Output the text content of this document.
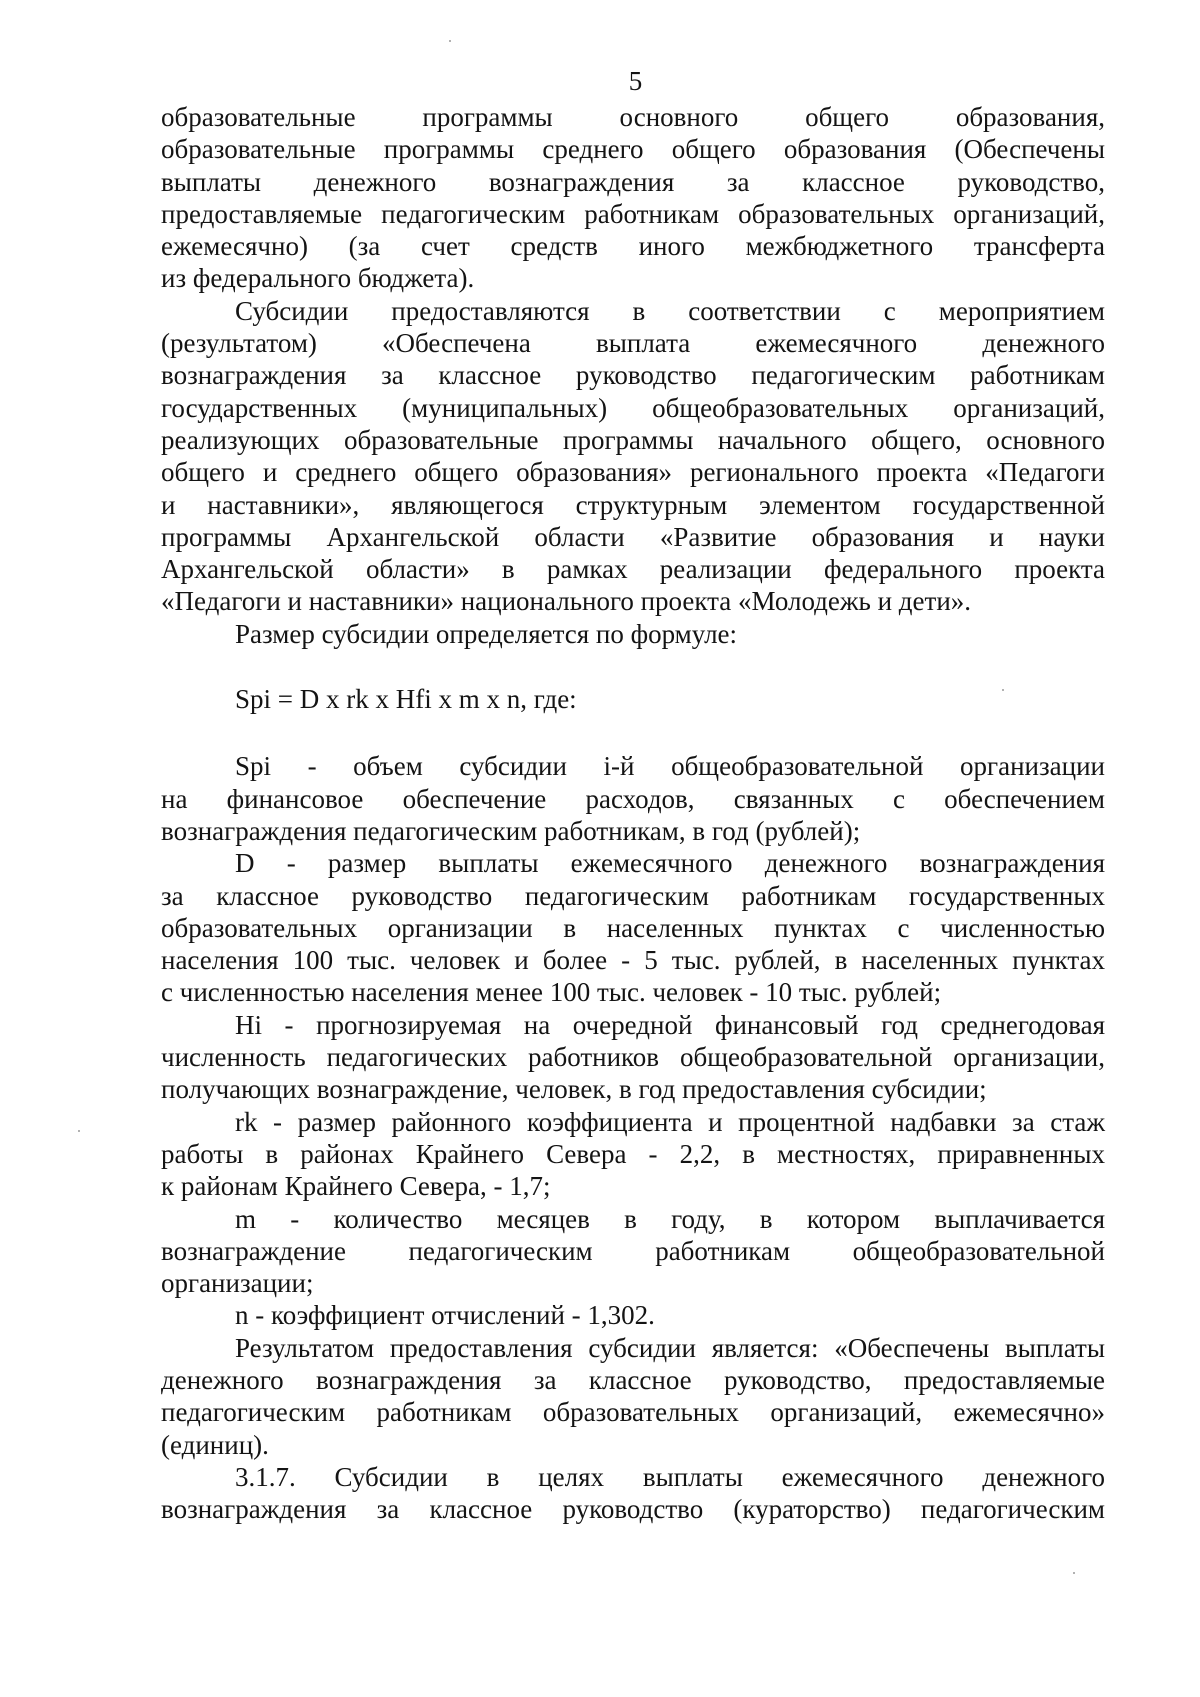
5

образовательные программы основного общего образования,

образовательные программы среднего общего образования (Обеспечены

выплаты денежного вознаграждения за классное руководство,

предоставляемые педагогическим работникам образовательных организаций,

ежемесячно) (за счет средств иного межбюджетного трансферта

из федерального бюджета).

Субсидии предоставляются в соответствии с мероприятием

(результатом) «Обеспечена выплата ежемесячного денежного

вознаграждения за классное руководство педагогическим работникам

государственных (муниципальных) общеобразовательных организаций,

реализующих образовательные программы начального общего, основного

общего и среднего общего образования» регионального проекта «Педагоги

и наставники», являющегося структурным элементом государственной

программы Архангельской области «Развитие образования и науки

Архангельской области» в рамках реализации федерального проекта

«Педагоги и наставники» национального проекта «Молодежь и дети».

Размер субсидии определяется по формуле:

Spi = D x rk x Hfi x m x n, где:

Spi - объем субсидии i-й общеобразовательной организации

на финансовое обеспечение расходов, связанных с обеспечением

вознаграждения педагогическим работникам, в год (рублей);

D - размер выплаты ежемесячного денежного вознаграждения

за классное руководство педагогическим работникам государственных

образовательных организации в населенных пунктах с численностью

населения 100 тыс. человек и более - 5 тыс. рублей, в населенных пунктах

с численностью населения менее 100 тыс. человек - 10 тыс. рублей;

Hi - прогнозируемая на очередной финансовый год среднегодовая

численность педагогических работников общеобразовательной организации,

получающих вознаграждение, человек, в год предоставления субсидии;

rk - размер районного коэффициента и процентной надбавки за стаж

работы в районах Крайнего Севера - 2,2, в местностях, приравненных

к районам Крайнего Севера, - 1,7;

m - количество месяцев в году, в котором выплачивается

вознаграждение педагогическим работникам общеобразовательной

организации;

n - коэффициент отчислений - 1,302.

Результатом предоставления субсидии является: «Обеспечены выплаты

денежного вознаграждения за классное руководство, предоставляемые

педагогическим работникам образовательных организаций, ежемесячно»

(единиц).

3.1.7. Субсидии в целях выплаты ежемесячного денежного

вознаграждения за классное руководство (кураторство) педагогическим
